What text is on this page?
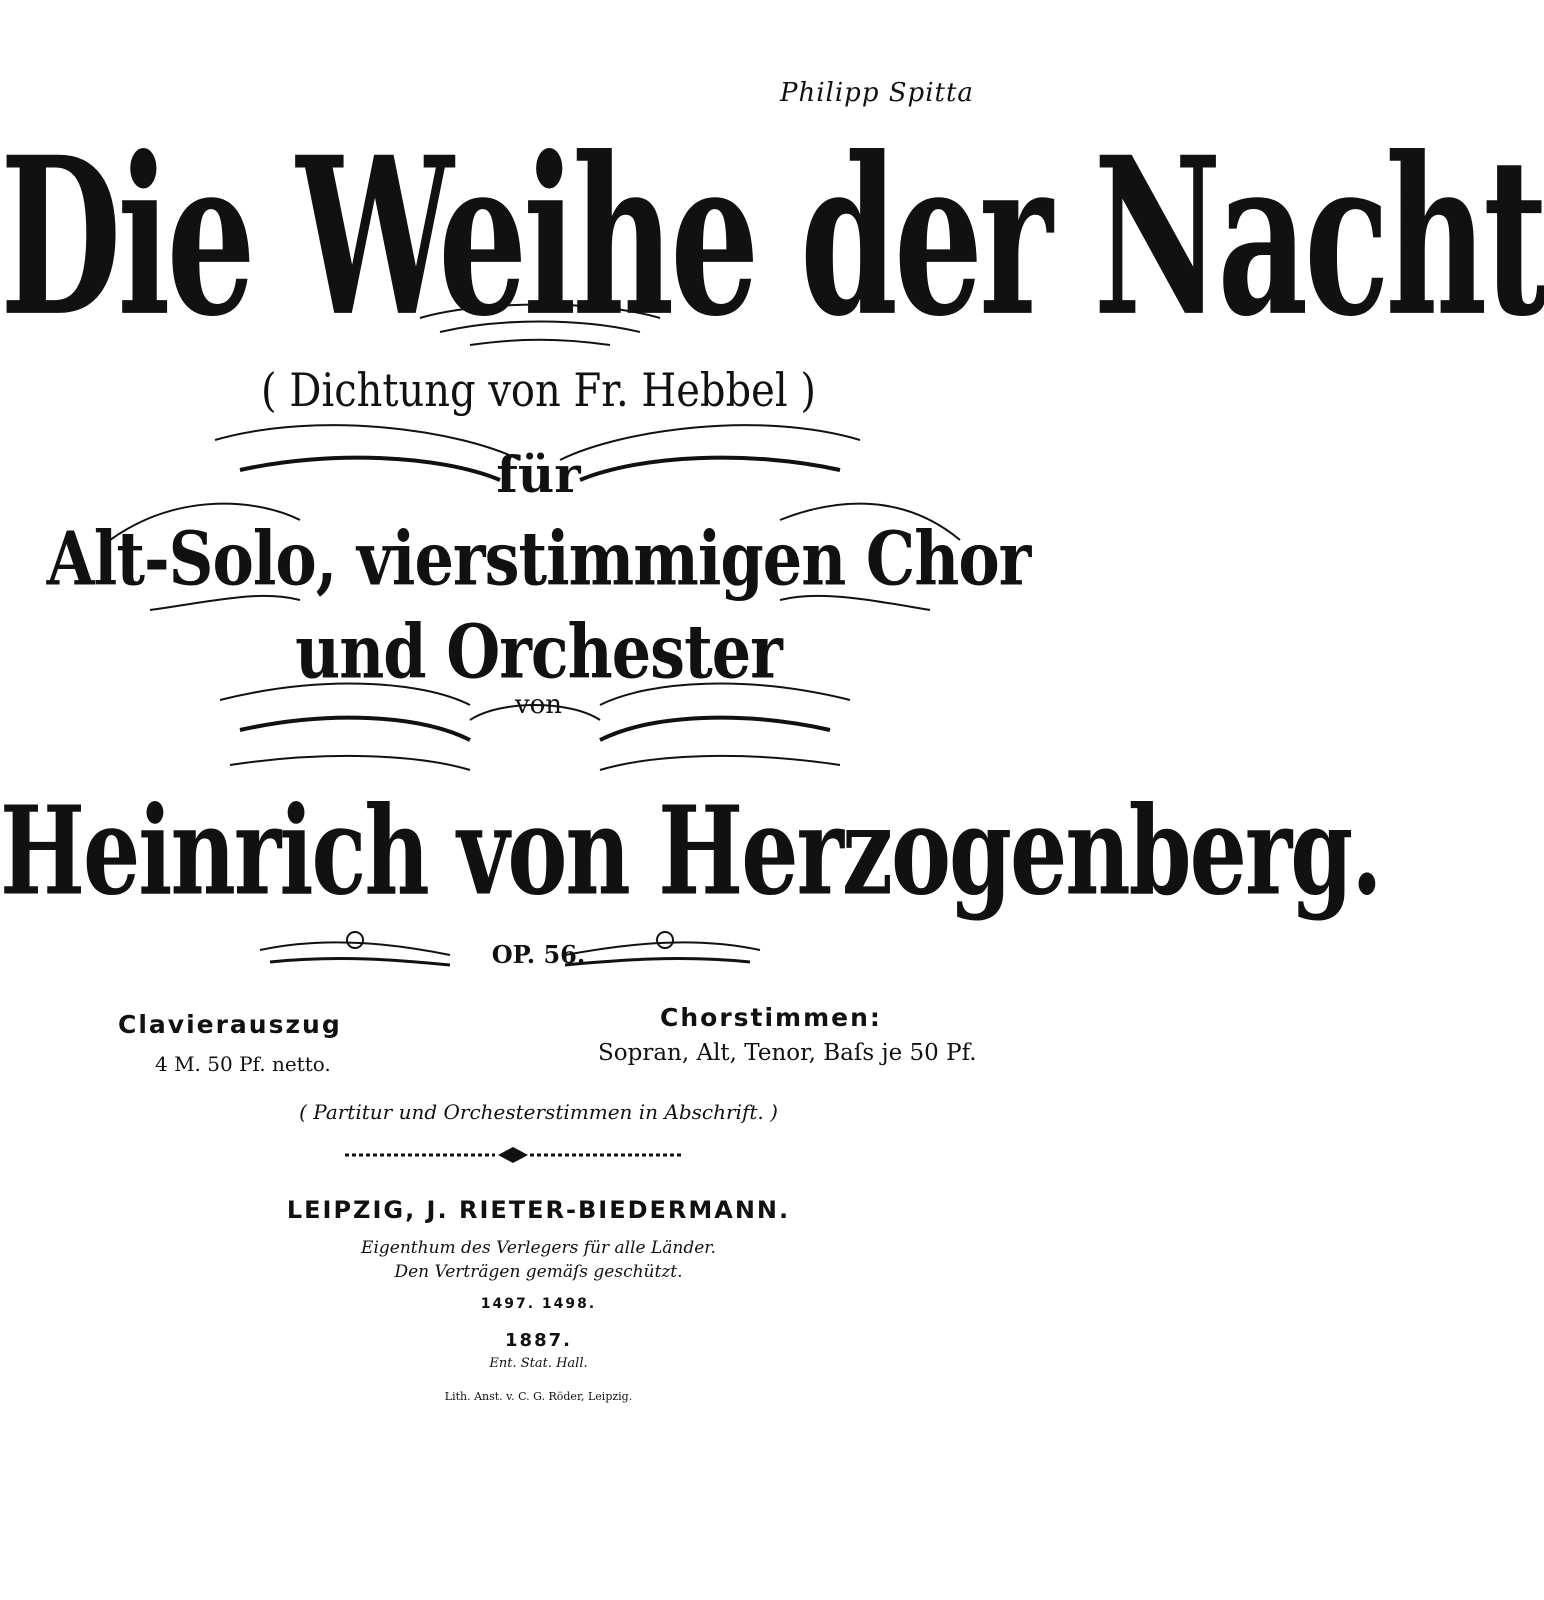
Philipp Spitta
Die Weihe der Nacht
( Dichtung von Fr. Hebbel )
für
Alt-Solo, vierstimmigen Chor
und Orchester
von
Heinrich von Herzogenberg.
OP. 56.
Clavierauszug
4 M. 50 Pf. netto.
Chorstimmen:
Sopran, Alt, Tenor, Baſs je 50 Pf.
( Partitur und Orchesterstimmen in Abschrift. )
LEIPZIG, J. RIETER-BIEDERMANN.
Eigenthum des Verlegers für alle Länder.
Den Verträgen gemäſs geschützt.
1497. 1498.
1887.
Ent. Stat. Hall.
Lith. Anst. v. C. G. Röder, Leipzig.
